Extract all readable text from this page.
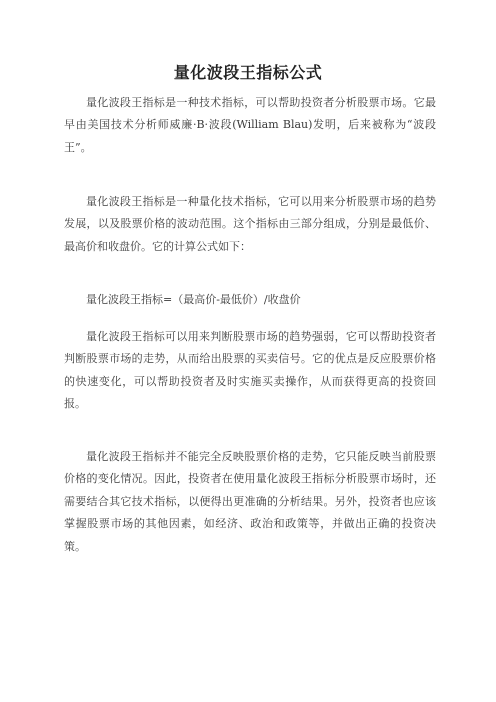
量化波段王指标公式

量化波段王指标是一种技术指标，可以帮助投资者分析股票市场。它最早由美国技术分析师威廉·B·波段(William Blau)发明，后来被称为“波段王”。

量化波段王指标是一种量化技术指标，它可以用来分析股票市场的趋势发展，以及股票价格的波动范围。这个指标由三部分组成，分别是最低价、最高价和收盘价。它的计算公式如下：

量化波段王指标=（最高价-最低价）/收盘价

量化波段王指标可以用来判断股票市场的趋势强弱，它可以帮助投资者判断股票市场的走势，从而给出股票的买卖信号。它的优点是反应股票价格的快速变化，可以帮助投资者及时实施买卖操作，从而获得更高的投资回报。

量化波段王指标并不能完全反映股票价格的走势，它只能反映当前股票价格的变化情况。因此，投资者在使用量化波段王指标分析股票市场时，还需要结合其它技术指标，以便得出更准确的分析结果。另外，投资者也应该掌握股票市场的其他因素，如经济、政治和政策等，并做出正确的投资决策。
